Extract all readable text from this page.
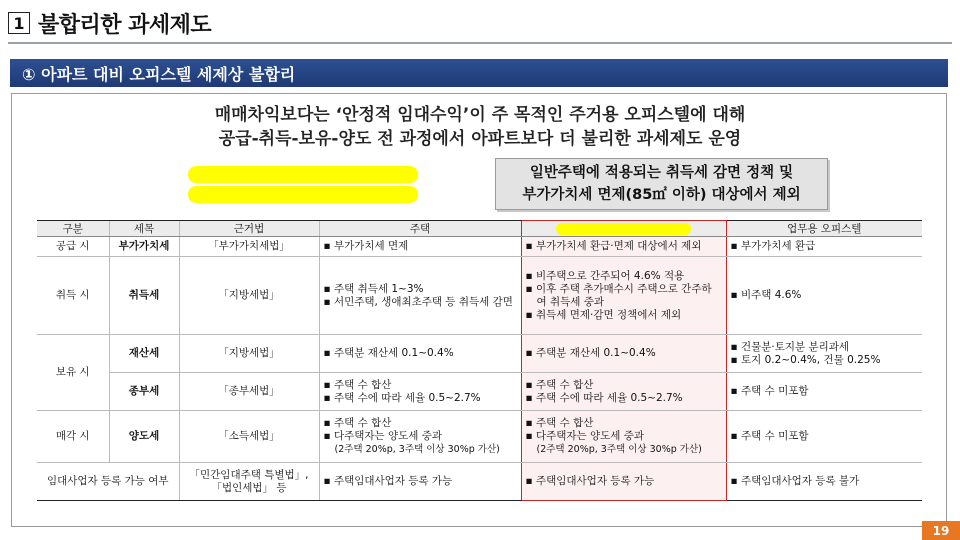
1 불합리한 과세제도
① 아파트 대비 오피스텔 세제상 불합리
매매차익보다는 ‘안정적 임대수익’이 주 목적인 주거용 오피스텔에 대해
공급-취득-보유-양도 전 과정에서 아파트보다 더 불리한 과세제도 운영
일반주택에 적용되는 취득세 감면 정책 및
부가가치세 면제(85㎡ 이하) 대상에서 제외
구분	세목	근거법	주택		업무용 오피스텔
공급 시	부가가치세	「부가가치세법」	▪ 부가가치세 면제	▪ 부가가치세 환급·면제 대상에서 제외	▪ 부가가치세 환급

취득 시	취득세	「지방세법」	▪ 주택 취득세 1~3%
▪ 서민주택, 생애최초주택 등 취득세 감면	▪ 비주택으로 간주되어 4.6% 적용
▪ 이후 주택 추가매수시 주택으로 간주하여 취득세 중과
▪ 취득세 면제·감면 정책에서 제외	▪ 비주택 4.6%

보유 시	재산세	「지방세법」	▪ 주택분 재산세 0.1~0.4%	▪ 주택분 재산세 0.1~0.4%	▪ 건물분·토지분 분리과세
▪ 토지 0.2~0.4%, 건물 0.25%

	종부세	「종부세법」	▪ 주택 수 합산
▪ 주택 수에 따라 세율 0.5~2.7%	▪ 주택 수 합산
▪ 주택 수에 따라 세율 0.5~2.7%	▪ 주택 수 미포함

매각 시	양도세	「소득세법」	▪ 주택 수 합산
▪ 다주택자는 양도세 중과
(2주택 20%p, 3주택 이상 30%p 가산)	▪ 주택 수 합산
▪ 다주택자는 양도세 중과
(2주택 20%p, 3주택 이상 30%p 가산)	▪ 주택 수 미포함

임대사업자 등록 가능 여부		「민간임대주택 특별법」,
「법인세법」 등	▪ 주택임대사업자 등록 가능	▪ 주택임대사업자 등록 가능	▪ 주택임대사업자 등록 불가
19
